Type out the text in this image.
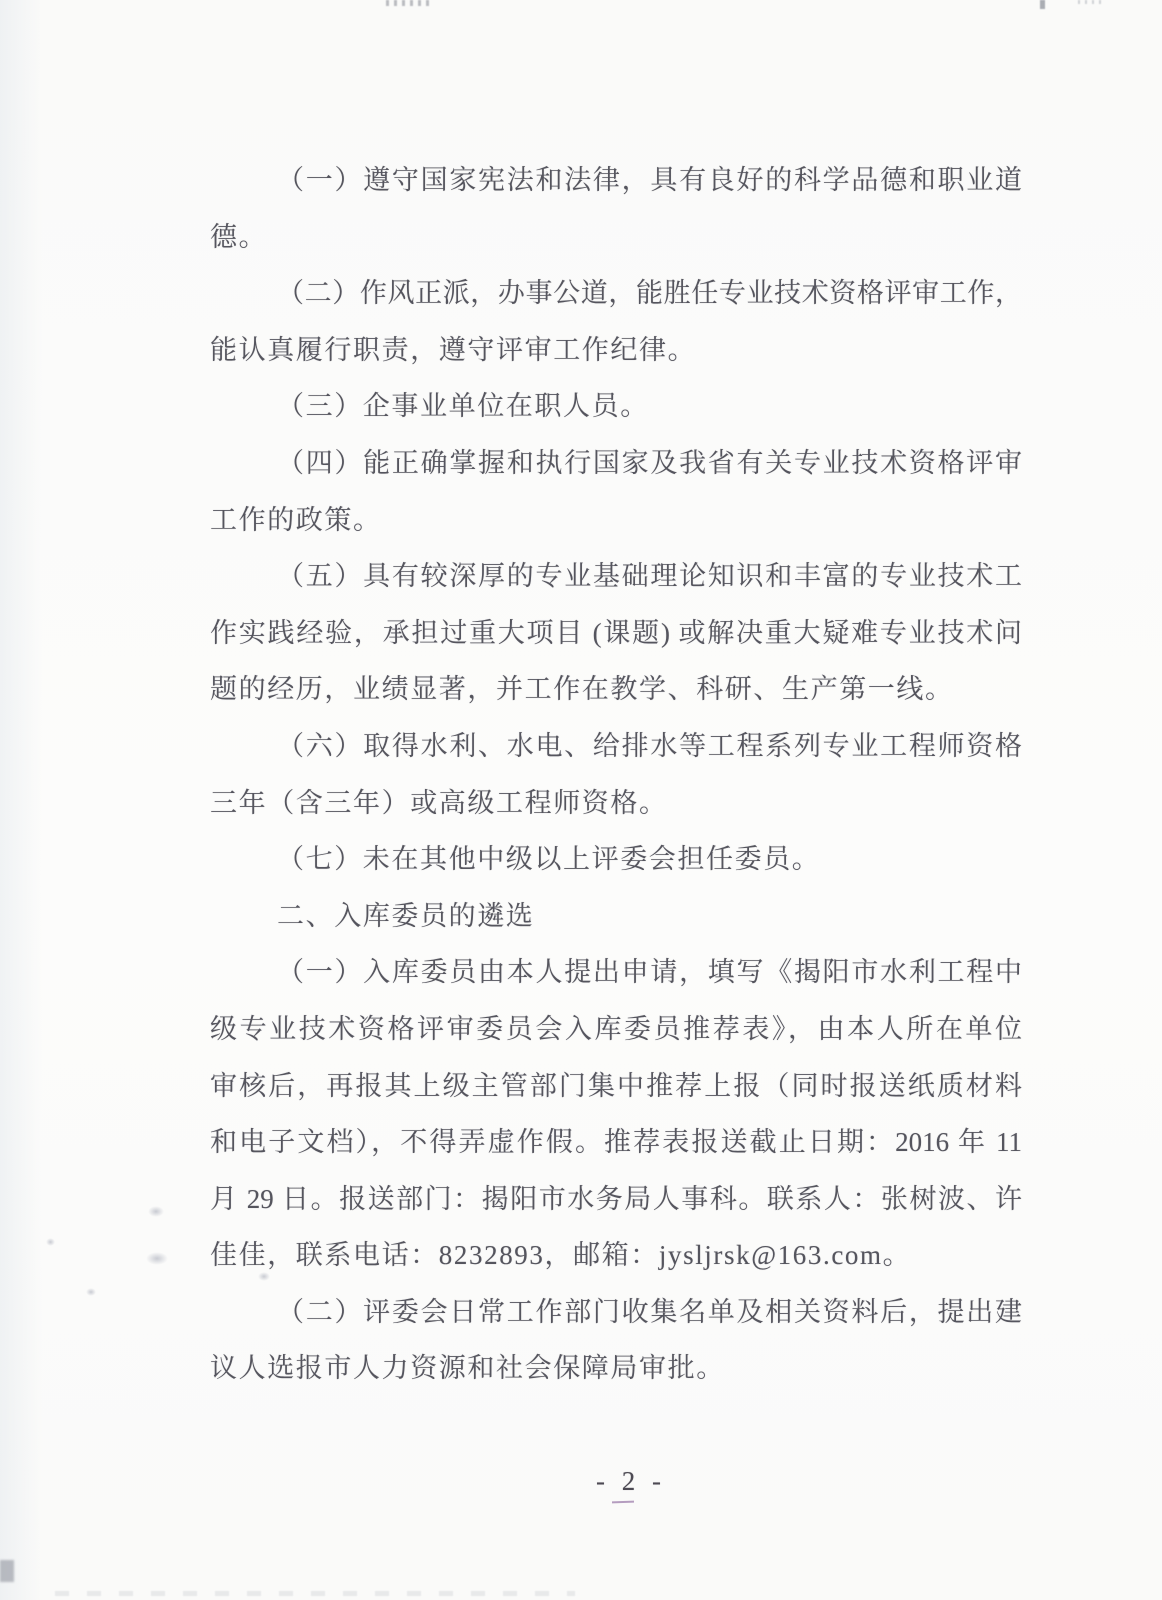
（一）遵守国家宪法和法律，具有良好的科学品德和职业道
德。
（二）作风正派，办事公道，能胜任专业技术资格评审工作，
能认真履行职责，遵守评审工作纪律。
（三）企事业单位在职人员。
（四）能正确掌握和执行国家及我省有关专业技术资格评审
工作的政策。
（五）具有较深厚的专业基础理论知识和丰富的专业技术工
作实践经验，承担过重大项目 (课题) 或解决重大疑难专业技术问
题的经历，业绩显著，并工作在教学、科研、生产第一线。
（六）取得水利、水电、给排水等工程系列专业工程师资格
三年（含三年）或高级工程师资格。
（七）未在其他中级以上评委会担任委员。
二、入库委员的遴选
（一）入库委员由本人提出申请，填写《揭阳市水利工程中
级专业技术资格评审委员会入库委员推荐表》，由本人所在单位
审核后，再报其上级主管部门集中推荐上报（同时报送纸质材料
和电子文档），不得弄虚作假。推荐表报送截止日期：2016 年 11
月 29 日。报送部门：揭阳市水务局人事科。联系人：张树波、许
佳佳，联系电话：8232893，邮箱：jysljrsk@163.com。
（二）评委会日常工作部门收集名单及相关资料后，提出建
议人选报市人力资源和社会保障局审批。
- 2 -
